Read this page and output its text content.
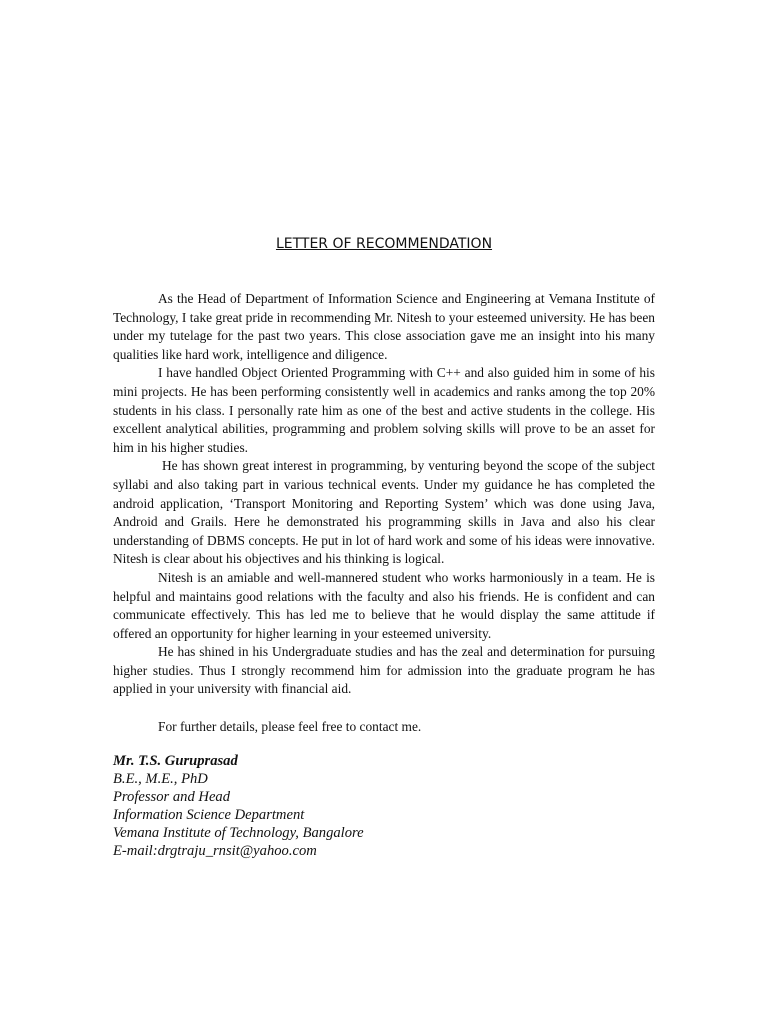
LETTER OF RECOMMENDATION

As the Head of Department of Information Science and Engineering at Vemana Institute of Technology, I take great pride in recommending Mr. Nitesh to your esteemed university. He has been under my tutelage for the past two years. This close association gave me an insight into his many qualities like hard work, intelligence and diligence.

I have handled Object Oriented Programming with C++ and also guided him in some of his mini projects. He has been performing consistently well in academics and ranks among the top 20% students in his class. I personally rate him as one of the best and active students in the college. His excellent analytical abilities, programming and problem solving skills will prove to be an asset for him in his higher studies.

He has shown great interest in programming, by venturing beyond the scope of the subject syllabi and also taking part in various technical events. Under my guidance he has completed the android application, ‘Transport Monitoring and Reporting System’ which was done using Java, Android and Grails. Here he demonstrated his programming skills in Java and also his clear understanding of DBMS concepts. He put in lot of hard work and some of his ideas were innovative. Nitesh is clear about his objectives and his thinking is logical.

Nitesh is an amiable and well-mannered student who works harmoniously in a team. He is helpful and maintains good relations with the faculty and also his friends. He is confident and can communicate effectively. This has led me to believe that he would display the same attitude if offered an opportunity for higher learning in your esteemed university.

He has shined in his Undergraduate studies and has the zeal and determination for pursuing higher studies. Thus I strongly recommend him for admission into the graduate program he has applied in your university with financial aid.

For further details, please feel free to contact me.

Mr. T.S. Guruprasad
B.E., M.E., PhD
Professor and Head
Information Science Department
Vemana Institute of Technology, Bangalore
E-mail:drgtraju_rnsit@yahoo.com
